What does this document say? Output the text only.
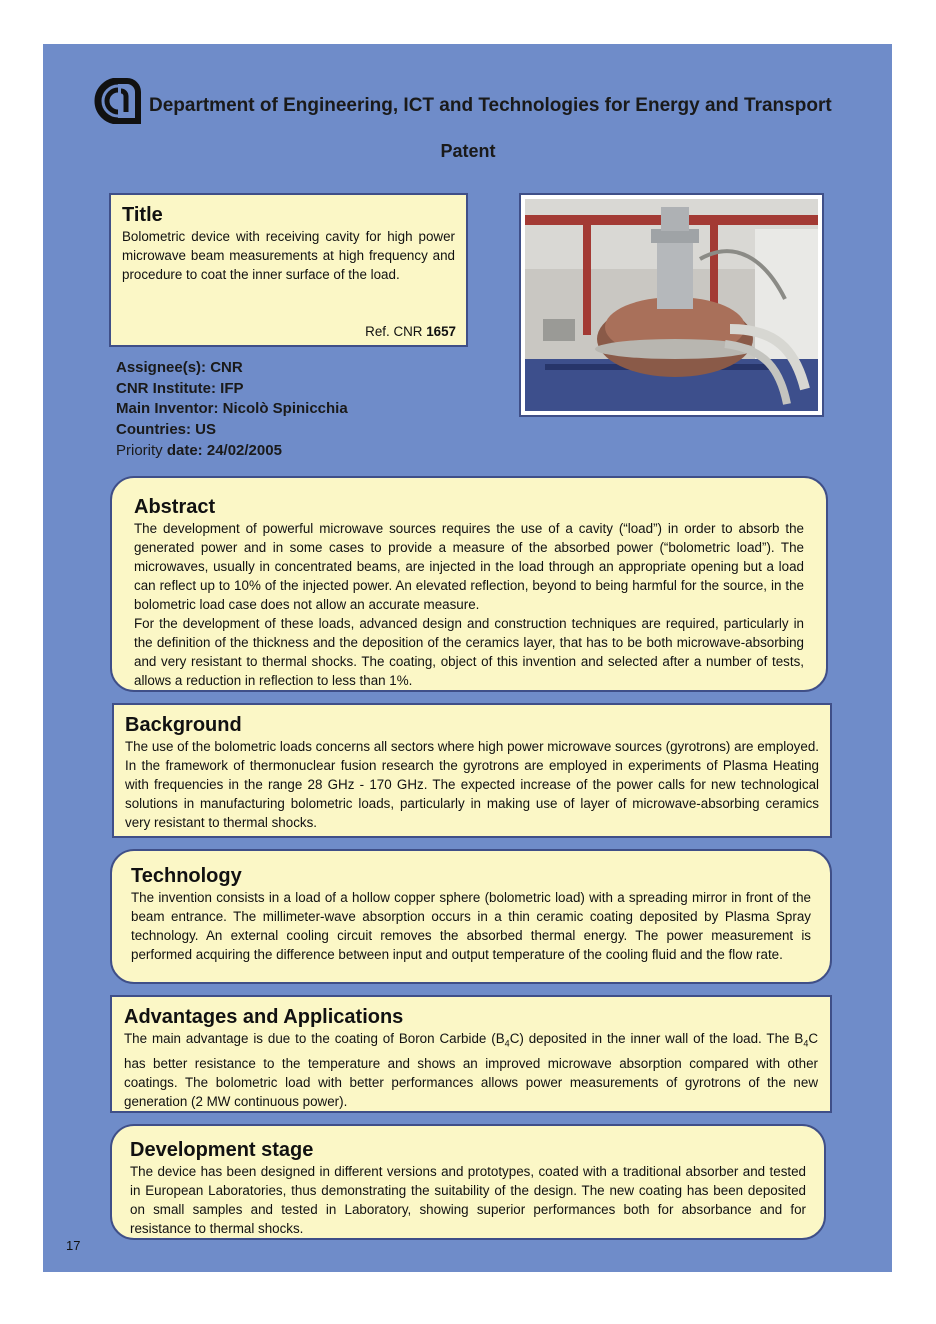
Department of Engineering, ICT and Technologies for Energy and Transport
Patent
Title

Bolometric device with receiving cavity for high power microwave beam measurements at high frequency and procedure to coat the inner surface of the load.

Ref. CNR 1657
Assignee(s): CNR
CNR Institute: IFP
Main Inventor: Nicolò Spinicchia
Countries: US
Priority date: 24/02/2005
Abstract

The development of powerful microwave sources requires the use of a cavity (“load”) in order to absorb the generated power and in some cases to provide a measure of the absorbed power (“bolometric load”). The microwaves, usually in concentrated beams, are injected in the load through an appropriate opening but a load can reflect up to 10% of the injected power. An elevated reflection, beyond to being harmful for the source, in the bolometric load case does not allow an accurate measure.

For the development of these loads, advanced design and construction techniques are required, particularly in the definition of the thickness and the deposition of the ceramics layer, that has to be both microwave-absorbing and very resistant to thermal shocks. The coating, object of this invention and selected after a number of tests, allows a reduction in reflection to less than 1%.

Background

The use of the bolometric loads concerns all sectors where high power microwave sources (gyrotrons) are employed. In the framework of thermonuclear fusion research the gyrotrons are employed in experiments of Plasma Heating with frequencies in the range 28 GHz - 170 GHz. The expected increase of the power calls for new technological solutions in manufacturing bolometric loads, particularly in making use of layer of microwave-absorbing ceramics very resistant to thermal shocks.

Technology

The invention consists in a load of a hollow copper sphere (bolometric load) with a spreading mirror in front of the beam entrance. The millimeter-wave absorption occurs in a thin ceramic coating deposited by Plasma Spray technology. An external cooling circuit removes the absorbed thermal energy. The power measurement is performed acquiring the difference between input and output temperature of the cooling fluid and the flow rate.

Advantages and Applications

The main advantage is due to the coating of Boron Carbide $(B_4C)$ deposited in the inner wall of the load. The $B_4C$ has better resistance to the temperature and shows an improved microwave absorption compared with other coatings. The bolometric load with better performances allows power measurements of gyrotrons of the new generation (2 MW continuous power).

Development stage

The device has been designed in different versions and prototypes, coated with a traditional absorber and tested in European Laboratories, thus demonstrating the suitability of the design. The new coating has been deposited on small samples and tested in Laboratory, showing superior performances both for absorbance and for resistance to thermal shocks.

17
